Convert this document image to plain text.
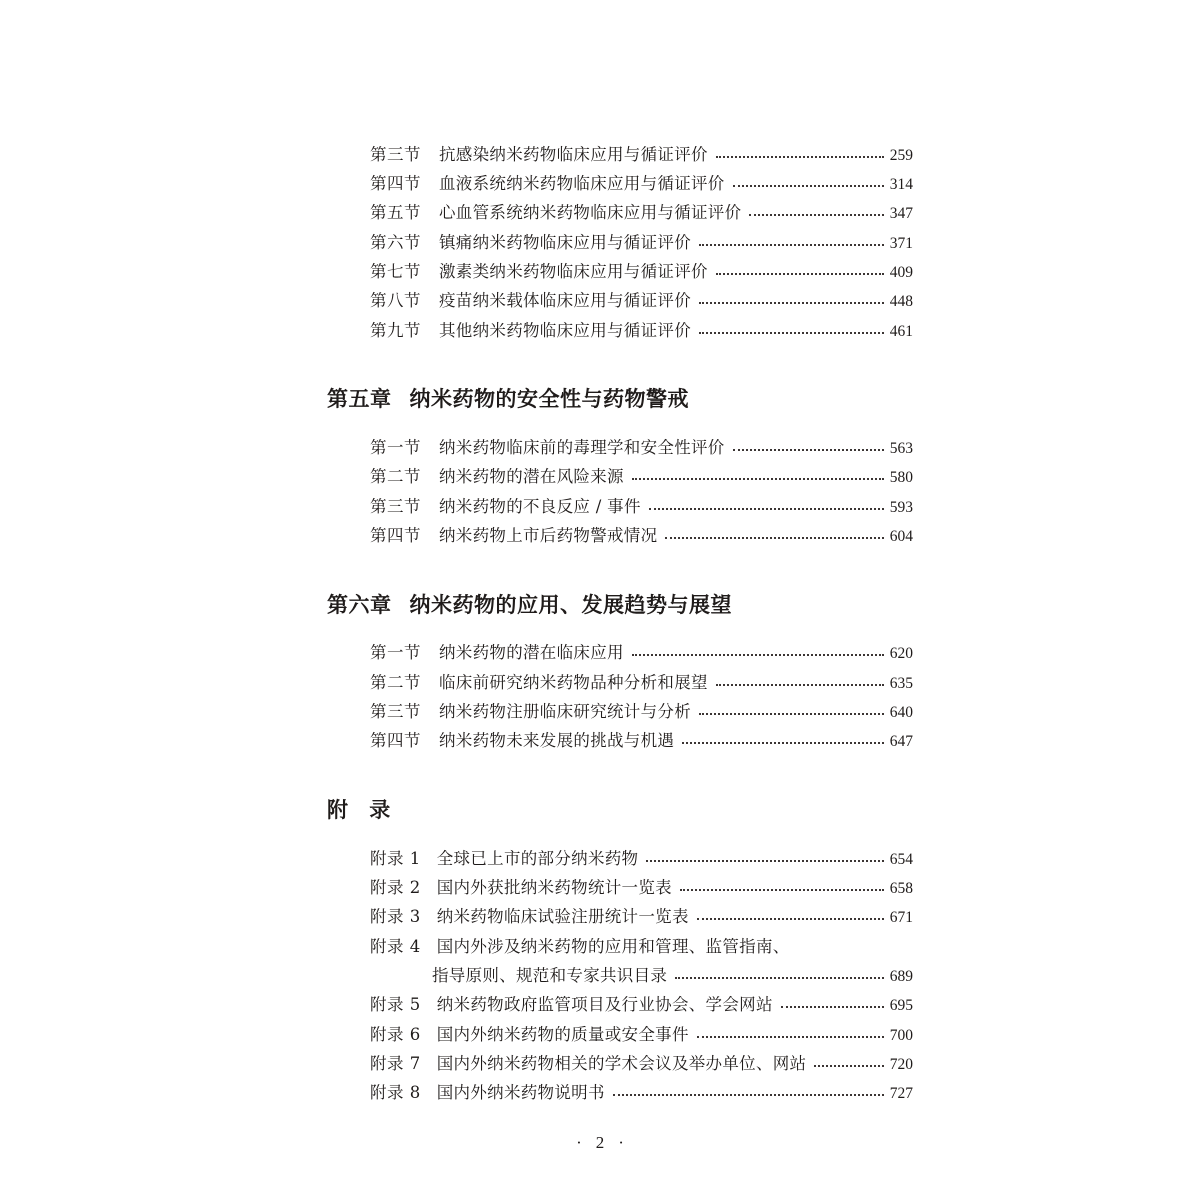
第三节 抗感染纳米药物临床应用与循证评价	259
第四节 血液系统纳米药物临床应用与循证评价	314
第五节 心血管系统纳米药物临床应用与循证评价	347
第六节 镇痛纳米药物临床应用与循证评价	371
第七节 激素类纳米药物临床应用与循证评价	409
第八节 疫苗纳米载体临床应用与循证评价	448
第九节 其他纳米药物临床应用与循证评价	461
第五章 纳米药物的安全性与药物警戒
第一节 纳米药物临床前的毒理学和安全性评价	563
第二节 纳米药物的潜在风险来源	580
第三节 纳米药物的不良反应 / 事件	593
第四节 纳米药物上市后药物警戒情况	604
第六章 纳米药物的应用、发展趋势与展望
第一节 纳米药物的潜在临床应用	620
第二节 临床前研究纳米药物品种分析和展望	635
第三节 纳米药物注册临床研究统计与分析	640
第四节 纳米药物未来发展的挑战与机遇	647
附 录
附录 1 全球已上市的部分纳米药物	654
附录 2 国内外获批纳米药物统计一览表	658
附录 3 纳米药物临床试验注册统计一览表	671
附录 4 国内外涉及纳米药物的应用和管理、监管指南、
指导原则、规范和专家共识目录	689
附录 5 纳米药物政府监管项目及行业协会、学会网站	695
附录 6 国内外纳米药物的质量或安全事件	700
附录 7 国内外纳米药物相关的学术会议及举办单位、网站	720
附录 8 国内外纳米药物说明书	727
· 2 ·
